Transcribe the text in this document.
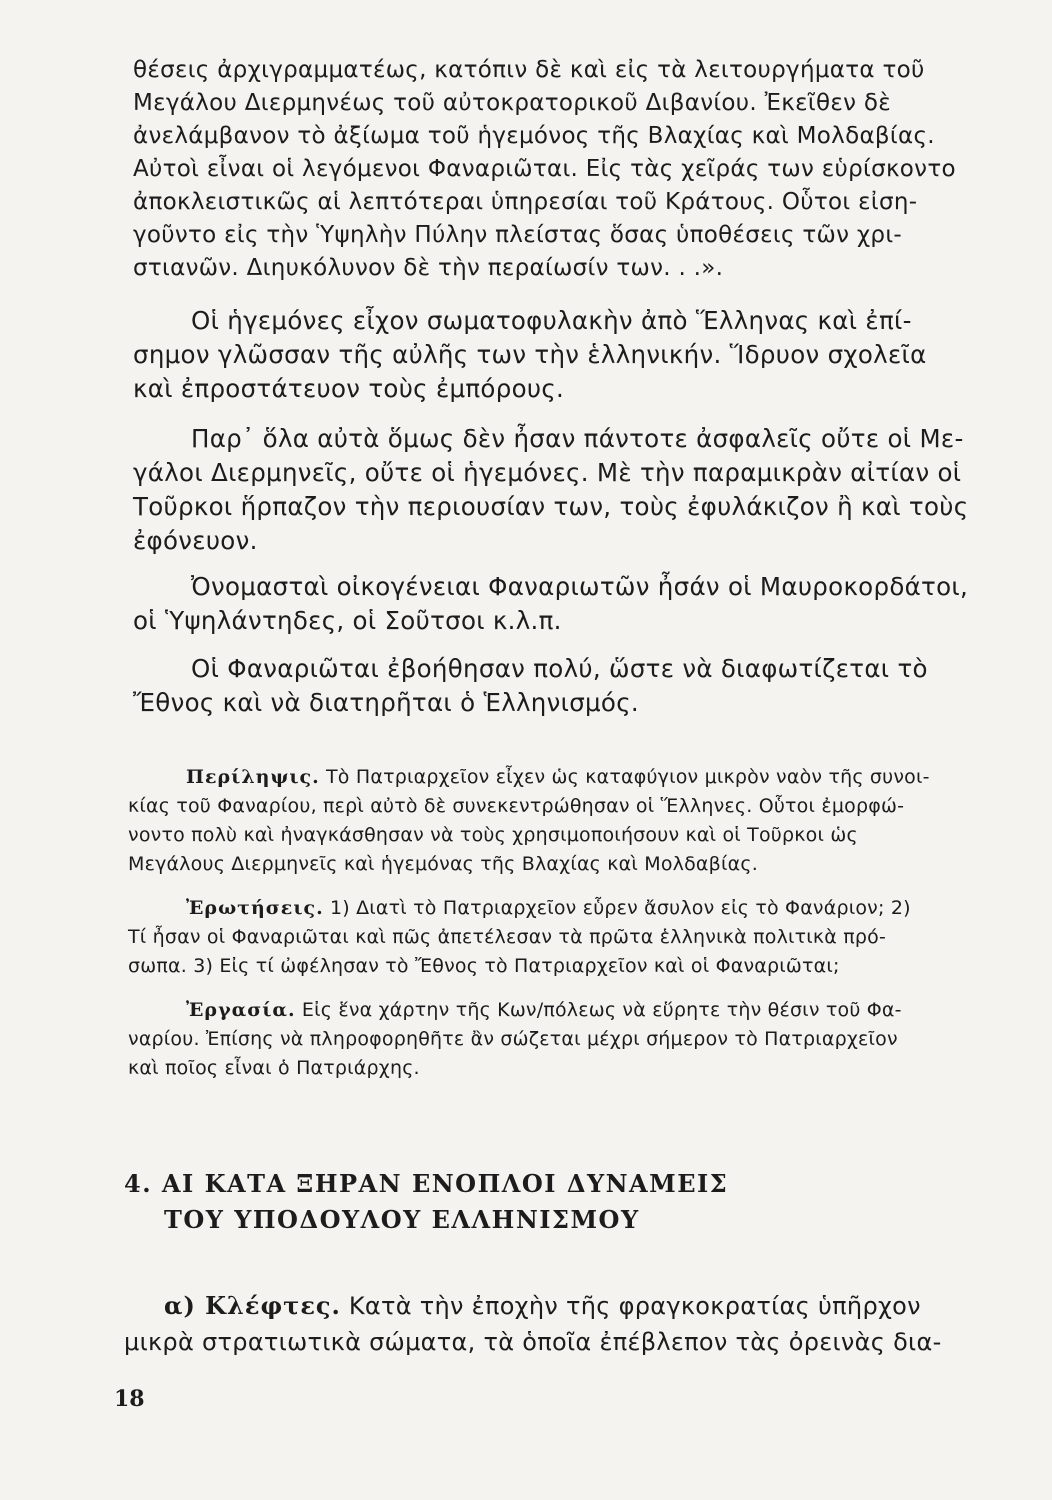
θέσεις ἀρχιγραμματέως, κατόπιν δὲ καὶ εἰς τὰ λειτουργήματα τοῦ
Μεγάλου Διερμηνέως τοῦ αὐτοκρατορικοῦ Διβανίου. Ἐκεῖθεν δὲ
ἀνελάμβανον τὸ ἀξίωμα τοῦ ἡγεμόνος τῆς Βλαχίας καὶ Μολδαβίας.
Αὐτοὶ εἶναι οἱ λεγόμενοι Φαναριῶται. Εἰς τὰς χεῖράς των εὑρίσκοντο
ἀποκλειστικῶς αἱ λεπτότεραι ὑπηρεσίαι τοῦ Κράτους. Οὗτοι εἰση-
γοῦντο εἰς τὴν Ὑψηλὴν Πύλην πλείστας ὅσας ὑποθέσεις τῶν χρι-
στιανῶν. Διηυκόλυνον δὲ τὴν περαίωσίν των. . .».
Οἱ ἡγεμόνες εἶχον σωματοφυλακὴν ἀπὸ Ἕλληνας καὶ ἐπί-
σημον γλῶσσαν τῆς αὐλῆς των τὴν ἑλληνικήν. Ἵδρυον σχολεῖα
καὶ ἐπροστάτευον τοὺς ἐμπόρους.
Παρ᾽ ὅλα αὐτὰ ὅμως δὲν ἦσαν πάντοτε ἀσφαλεῖς οὔτε οἱ Με-
γάλοι Διερμηνεῖς, οὔτε οἱ ἡγεμόνες. Μὲ τὴν παραμικρὰν αἰτίαν οἱ
Τοῦρκοι ἥρπαζον τὴν περιουσίαν των, τοὺς ἐφυλάκιζον ἢ καὶ τοὺς
ἐφόνευον.
Ὀνομασταὶ οἰκογένειαι Φαναριωτῶν ἦσάν οἱ Μαυροκορδάτοι,
οἱ Ὑψηλάντηδες, οἱ Σοῦτσοι κ.λ.π.
Οἱ Φαναριῶται ἐβοήθησαν πολύ, ὥστε νὰ διαφωτίζεται τὸ
Ἔθνος καὶ νὰ διατηρῆται ὁ Ἑλληνισμός.
Περίληψις. Τὸ Πατριαρχεῖον εἶχεν ὡς καταφύγιον μικρὸν ναὸν τῆς συνοι-
κίας τοῦ Φαναρίου, περὶ αὐτὸ δὲ συνεκεντρώθησαν οἱ Ἕλληνες. Οὗτοι ἐμορφώ-
νοντο πολὺ καὶ ἠναγκάσθησαν νὰ τοὺς χρησιμοποιήσουν καὶ οἱ Τοῦρκοι ὡς
Μεγάλους Διερμηνεῖς καὶ ἡγεμόνας τῆς Βλαχίας καὶ Μολδαβίας.
Ἐρωτήσεις. 1) Διατὶ τὸ Πατριαρχεῖον εὗρεν ἄσυλον εἰς τὸ Φανάριον; 2)
Τί ἦσαν οἱ Φαναριῶται καὶ πῶς ἀπετέλεσαν τὰ πρῶτα ἑλληνικὰ πολιτικὰ πρό-
σωπα. 3) Εἰς τί ὠφέλησαν τὸ Ἔθνος τὸ Πατριαρχεῖον καὶ οἱ Φαναριῶται;
Ἐργασία. Εἰς ἕνα χάρτην τῆς Κων/πόλεως νὰ εὕρητε τὴν θέσιν τοῦ Φα-
ναρίου. Ἐπίσης νὰ πληροφορηθῆτε ἂν σώζεται μέχρι σήμερον τὸ Πατριαρχεῖον
καὶ ποῖος εἶναι ὁ Πατριάρχης.
4. ΑΙ ΚΑΤΑ ΞΗΡΑΝ ΕΝΟΠΛΟΙ ΔΥΝΑΜΕΙΣ
ΤΟΥ ΥΠΟΔΟΥΛΟΥ ΕΛΛΗΝΙΣΜΟΥ
α) Κλέφτες. Κατὰ τὴν ἐποχὴν τῆς φραγκοκρατίας ὑπῆρχον
μικρὰ στρατιωτικὰ σώματα, τὰ ὁποῖα ἐπέβλεπον τὰς ὀρεινὰς δια-
18
